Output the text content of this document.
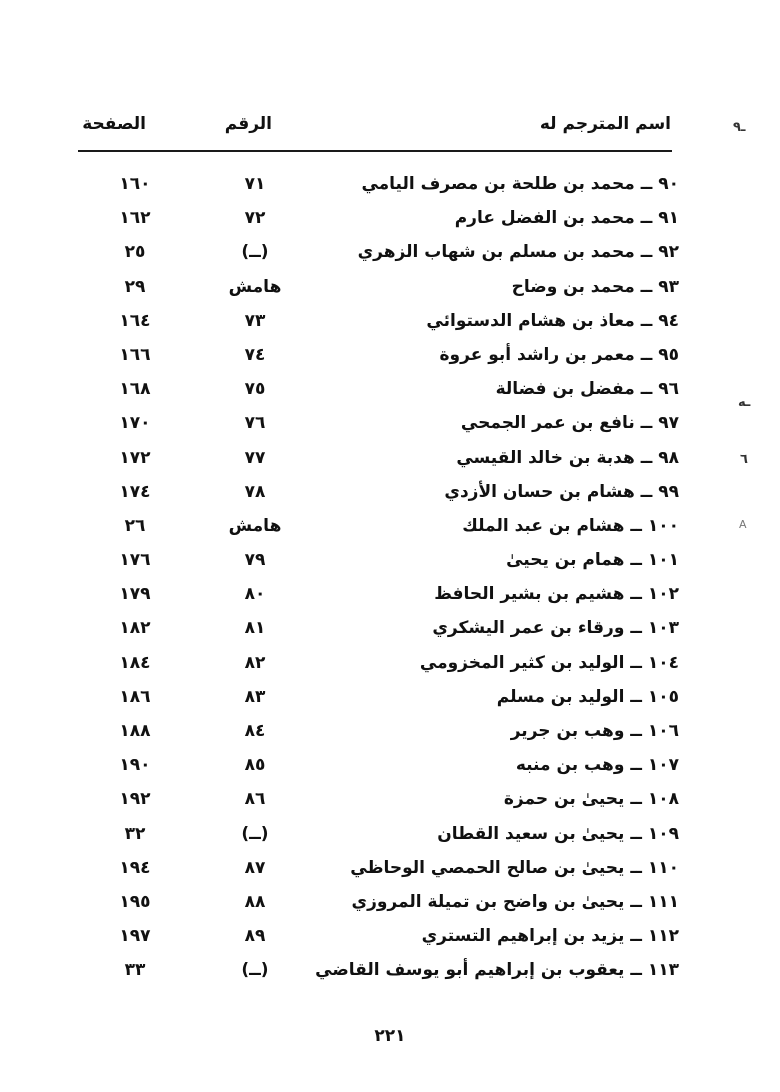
اسم المترجم له
الرقم
الصفحة
٩٠ ــ محمد بن طلحة بن مصرف اليامي
٧١
١٦٠
٩١ ــ محمد بن الفضل عارم
٧٢
١٦٢
٩٢ ــ محمد بن مسلم بن شهاب الزهري
(ــ)
٢٥
٩٣ ــ محمد بن وضاح
هامش
٢٩
٩٤ ــ معاذ بن هشام الدستوائي
٧٣
١٦٤
٩٥ ــ معمر بن راشد أبو عروة
٧٤
١٦٦
٩٦ ــ مفضل بن فضالة
٧٥
١٦٨
٩٧ ــ نافع بن عمر الجمحي
٧٦
١٧٠
٩٨ ــ هدبة بن خالد القيسي
٧٧
١٧٢
٩٩ ــ هشام بن حسان الأزدي
٧٨
١٧٤
١٠٠ ــ هشام بن عبد الملك
هامش
٢٦
١٠١ ــ همام بن يحيىٰ
٧٩
١٧٦
١٠٢ ــ هشيم بن بشير الحافظ
٨٠
١٧٩
١٠٣ ــ ورقاء بن عمر اليشكري
٨١
١٨٢
١٠٤ ــ الوليد بن كثير المخزومي
٨٢
١٨٤
١٠٥ ــ الوليد بن مسلم
٨٣
١٨٦
١٠٦ ــ وهب بن جرير
٨٤
١٨٨
١٠٧ ــ وهب بن منبه
٨٥
١٩٠
١٠٨ ــ يحيىٰ بن حمزة
٨٦
١٩٢
١٠٩ ــ يحيىٰ بن سعيد القطان
(ــ)
٣٢
١١٠ ــ يحيىٰ بن صالح الحمصي الوحاظي
٨٧
١٩٤
١١١ ــ يحيىٰ بن واضح بن تميلة المروزي
٨٨
١٩٥
١١٢ ــ يزيد بن إبراهيم التستري
٨٩
١٩٧
١١٣ ــ يعقوب بن إبراهيم أبو يوسف القاضي
(ــ)
٣٣
٢٢١
ـ٩
ـه
٦
A
